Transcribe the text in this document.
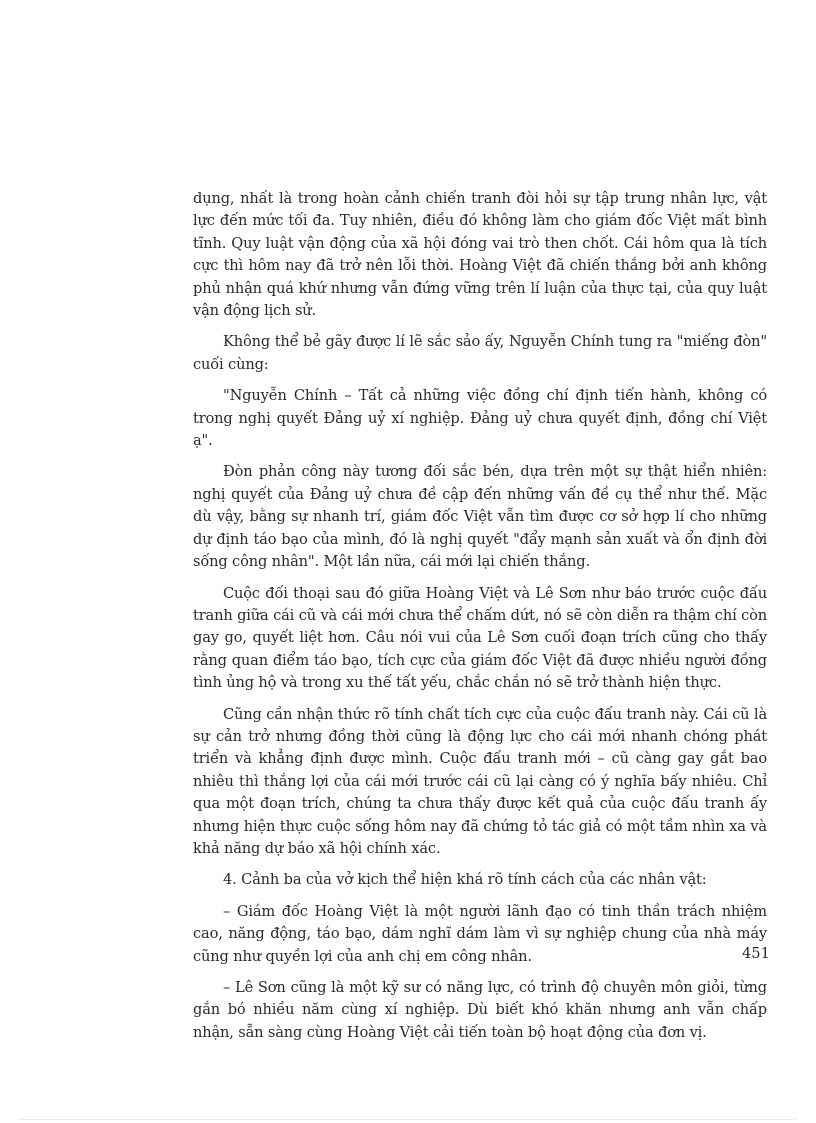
dụng, nhất là trong hoàn cảnh chiến tranh đòi hỏi sự tập trung nhân lực, vật lực đến mức tối đa. Tuy nhiên, điều đó không làm cho giám đốc Việt mất bình tĩnh. Quy luật vận động của xã hội đóng vai trò then chốt. Cái hôm qua là tích cực thì hôm nay đã trở nên lỗi thời. Hoàng Việt đã chiến thắng bởi anh không phủ nhận quá khứ nhưng vẫn đứng vững trên lí luận của thực tại, của quy luật vận động lịch sử.

Không thể bẻ gãy được lí lẽ sắc sảo ấy, Nguyễn Chính tung ra "miếng đòn" cuối cùng:

"Nguyễn Chính – Tất cả những việc đồng chí định tiến hành, không có trong nghị quyết Đảng uỷ xí nghiệp. Đảng uỷ chưa quyết định, đồng chí Việt ạ".

Đòn phản công này tương đối sắc bén, dựa trên một sự thật hiển nhiên: nghị quyết của Đảng uỷ chưa đề cập đến những vấn đề cụ thể như thế. Mặc dù vậy, bằng sự nhanh trí, giám đốc Việt vẫn tìm được cơ sở hợp lí cho những dự định táo bạo của mình, đó là nghị quyết "đẩy mạnh sản xuất và ổn định đời sống công nhân". Một lần nữa, cái mới lại chiến thắng.

Cuộc đối thoại sau đó giữa Hoàng Việt và Lê Sơn như báo trước cuộc đấu tranh giữa cái cũ và cái mới chưa thể chấm dứt, nó sẽ còn diễn ra thậm chí còn gay go, quyết liệt hơn. Câu nói vui của Lê Sơn cuối đoạn trích cũng cho thấy rằng quan điểm táo bạo, tích cực của giám đốc Việt đã được nhiều người đồng tình ủng hộ và trong xu thế tất yếu, chắc chắn nó sẽ trở thành hiện thực.

Cũng cần nhận thức rõ tính chất tích cực của cuộc đấu tranh này. Cái cũ là sự cản trở nhưng đồng thời cũng là động lực cho cái mới nhanh chóng phát triển và khẳng định được mình. Cuộc đấu tranh mới – cũ càng gay gắt bao nhiêu thì thắng lợi của cái mới trước cái cũ lại càng có ý nghĩa bấy nhiêu. Chỉ qua một đoạn trích, chúng ta chưa thấy được kết quả của cuộc đấu tranh ấy nhưng hiện thực cuộc sống hôm nay đã chứng tỏ tác giả có một tầm nhìn xa và khả năng dự báo xã hội chính xác.

4. Cảnh ba của vở kịch thể hiện khá rõ tính cách của các nhân vật:

– Giám đốc Hoàng Việt là một người lãnh đạo có tinh thần trách nhiệm cao, năng động, táo bạo, dám nghĩ dám làm vì sự nghiệp chung của nhà máy cũng như quyền lợi của anh chị em công nhân.

– Lê Sơn cũng là một kỹ sư có năng lực, có trình độ chuyên môn giỏi, từng gắn bó nhiều năm cùng xí nghiệp. Dù biết khó khăn nhưng anh vẫn chấp nhận, sẵn sàng cùng Hoàng Việt cải tiến toàn bộ hoạt động của đơn vị.

451
